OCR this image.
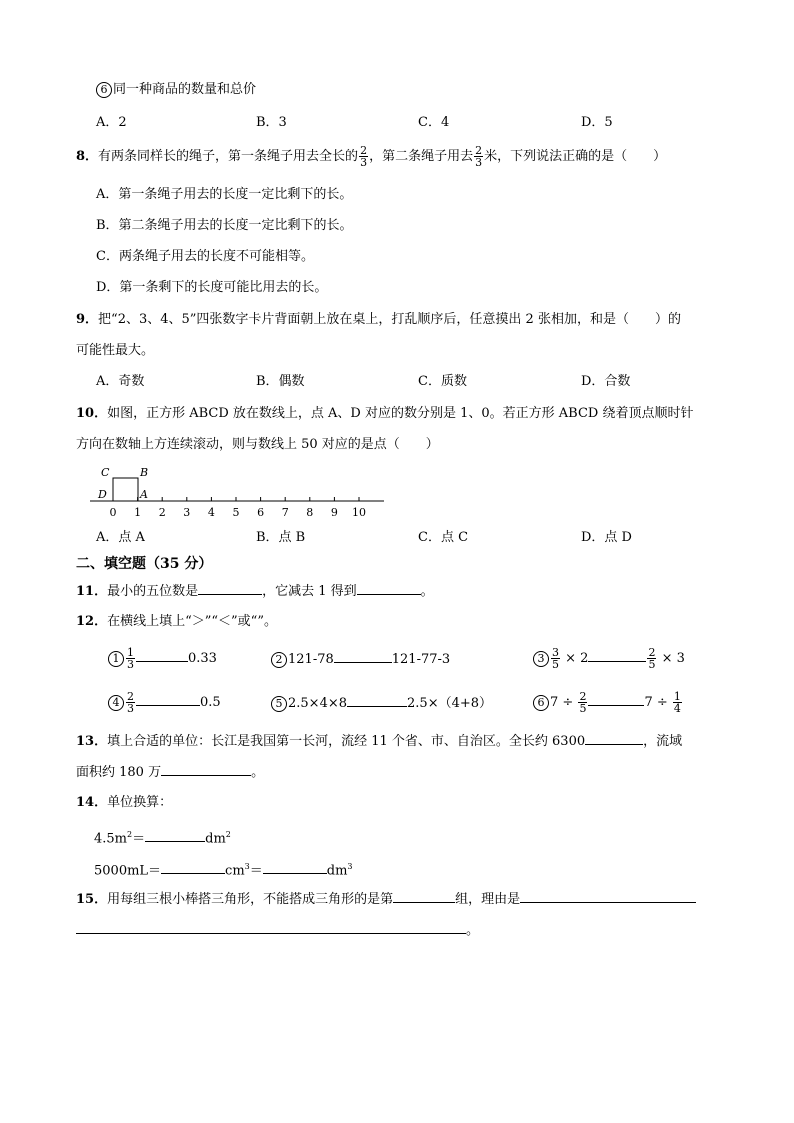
6 同一种商品的数量和总价
A．2	B．3	C．4	D．5
8．有两条同样长的绳子，第一条绳子用去全长的 $\frac{2}{3}$ ，第二条绳子用去 $\frac{2}{3}$ 米，下列说法正确的是（　　）
A．第一条绳子用去的长度一定比剩下的长。
B．第二条绳子用去的长度一定比剩下的长。
C．两条绳子用去的长度不可能相等。
D．第一条剩下的长度可能比用去的长。
9．把“2、3、4、5”四张数字卡片背面朝上放在桌上，打乱顺序后，任意摸出 2 张相加，和是（　　）的
可能性最大。
A．奇数	B．偶数	C．质数	D．合数
10．如图，正方形 ABCD 放在数线上，点 A、D 对应的数分别是 1、0。若正方形 ABCD 绕着顶点顺时针
方向在数轴上方连续滚动，则与数线上 50 对应的是点（　　）
C	B
D	A
0 1 2 3 4 5 6 7 8 9 10
A．点 A	B．点 B	C．点 C	D．点 D
二、填空题（35 分）
11．最小的五位数是	，它减去 1 得到	。
12．在横线上填上“＞”“＜”或“”。
$1 \frac{1}{3}$	0.33	2 121-78	121-77-3	$3 \frac{3}{5} \times 2$	$\frac{2}{5} \times 3$
$4 \frac{2}{3}$	0.5	5 2.5×4×8	2.5×（4+8）	6 $7 \div \frac{2}{5}$	$7 \div \frac{1}{4}$
13．填上合适的单位：长江是我国第一长河，流经 11 个省、市、自治区。全长约 6300	，流域
面积约 180 万	。
14．单位换算：
$4.5m^2=$	$dm^2$
5000mL＝	$cm^3=$	$dm^3$
15．用每组三根小棒搭三角形，不能搭成三角形的是第	组，理由是
。
